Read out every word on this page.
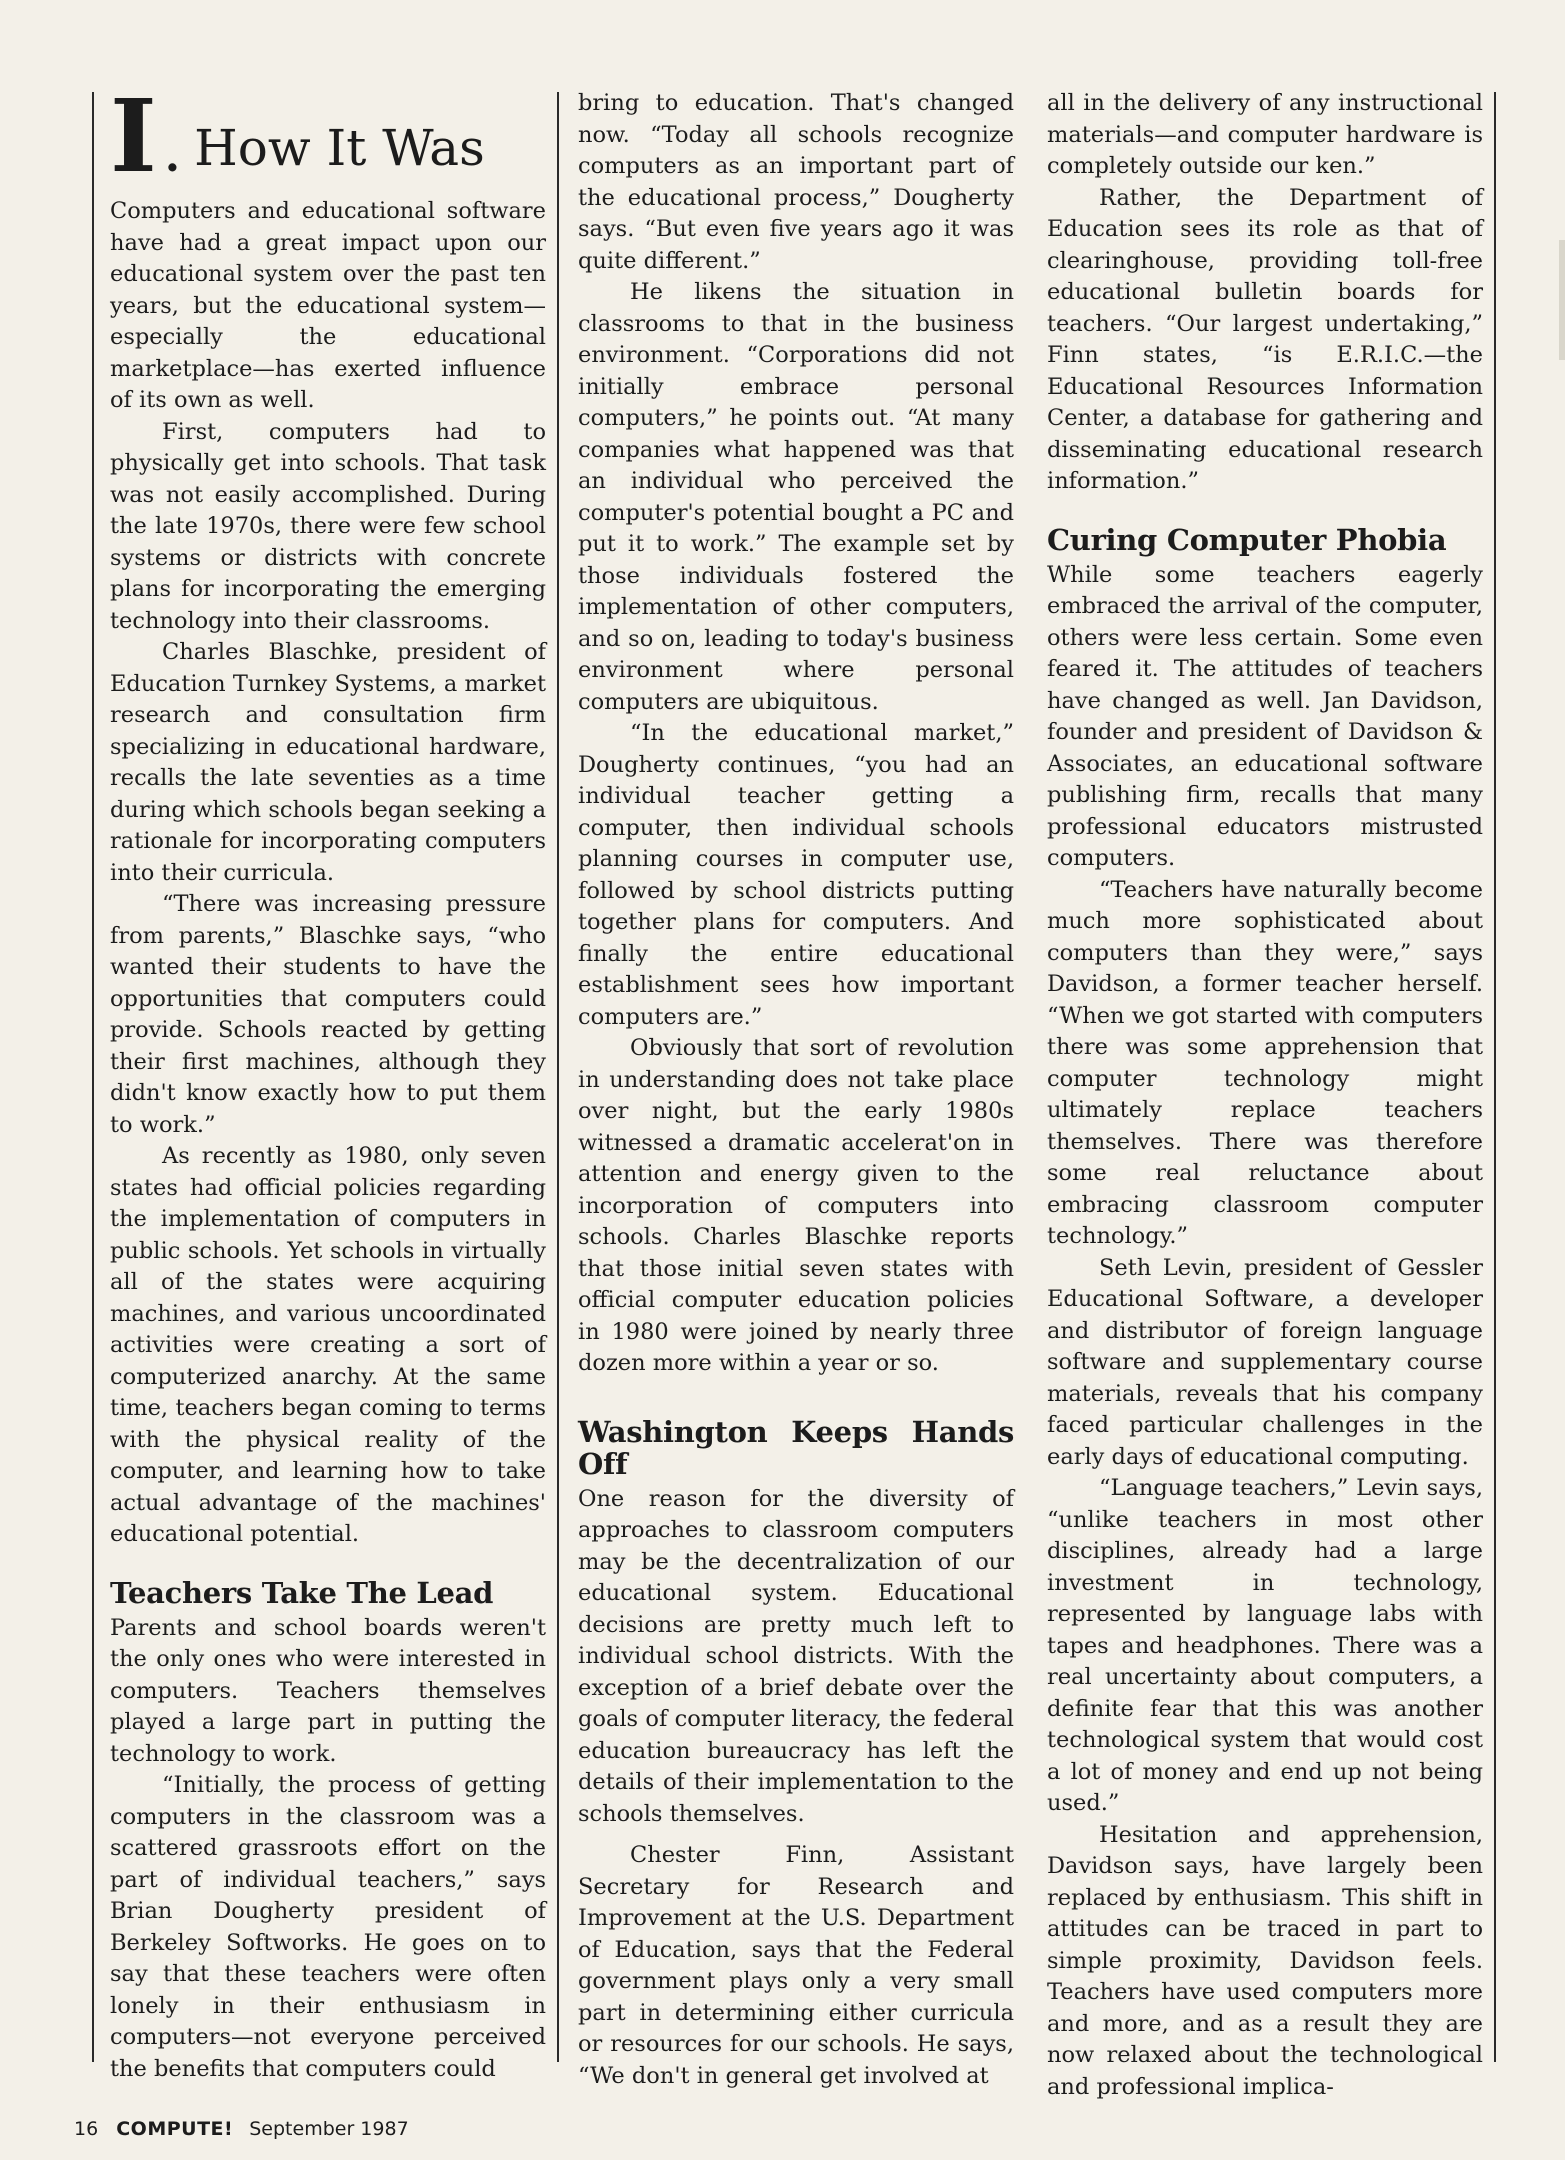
I . How It Was

Computers and educational software have had a great impact upon our educational system over the past ten years, but the educational system—especially the educational marketplace—has exerted influence of its own as well.

First, computers had to physically get into schools. That task was not easily accomplished. During the late 1970s, there were few school systems or districts with concrete plans for incorporating the emerging technology into their classrooms.

Charles Blaschke, president of Education Turnkey Systems, a market research and consultation firm specializing in educational hardware, recalls the late seventies as a time during which schools began seeking a rationale for incorporating computers into their curricula.

“There was increasing pressure from parents,” Blaschke says, “who wanted their students to have the opportunities that computers could provide. Schools reacted by getting their first machines, although they didn't know exactly how to put them to work.”

As recently as 1980, only seven states had official policies regarding the implementation of computers in public schools. Yet schools in virtually all of the states were acquiring machines, and various uncoordinated activities were creating a sort of computerized anarchy. At the same time, teachers began coming to terms with the physical reality of the computer, and learning how to take actual advantage of the machines' educational potential.

Teachers Take The Lead

Parents and school boards weren't the only ones who were interested in computers. Teachers themselves played a large part in putting the technology to work.

“Initially, the process of getting computers in the classroom was a scattered grassroots effort on the part of individual teachers,” says Brian Dougherty president of Berkeley Softworks. He goes on to say that these teachers were often lonely in their enthusiasm in computers—not everyone perceived the benefits that computers could

bring to education. That's changed now. “Today all schools recognize computers as an important part of the educational process,” Dougherty says. “But even five years ago it was quite different.”

He likens the situation in classrooms to that in the business environment. “Corporations did not initially embrace personal computers,” he points out. “At many companies what happened was that an individual who perceived the computer's potential bought a PC and put it to work.” The example set by those individuals fostered the implementation of other computers, and so on, leading to today's business environment where personal computers are ubiquitous.

“In the educational market,” Dougherty continues, “you had an individual teacher getting a computer, then individual schools planning courses in computer use, followed by school districts putting together plans for computers. And finally the entire educational establishment sees how important computers are.”

Obviously that sort of revolution in understanding does not take place over night, but the early 1980s witnessed a dramatic accelerat'on in attention and energy given to the incorporation of computers into schools. Charles Blaschke reports that those initial seven states with official computer education policies in 1980 were joined by nearly three dozen more within a year or so.

Washington Keeps Hands Off

One reason for the diversity of approaches to classroom computers may be the decentralization of our educational system. Educational decisions are pretty much left to individual school districts. With the exception of a brief debate over the goals of computer literacy, the federal education bureaucracy has left the details of their implementation to the schools themselves.

Chester Finn, Assistant Secretary for Research and Improvement at the U.S. Department of Education, says that the Federal government plays only a very small part in determining either curricula or resources for our schools. He says, “We don't in general get involved at

all in the delivery of any instructional materials—and computer hardware is completely outside our ken.”

Rather, the Department of Education sees its role as that of clearinghouse, providing toll-free educational bulletin boards for teachers. “Our largest undertaking,” Finn states, “is E.R.I.C.—the Educational Resources Information Center, a database for gathering and disseminating educational research information.”

Curing Computer Phobia

While some teachers eagerly embraced the arrival of the computer, others were less certain. Some even feared it. The attitudes of teachers have changed as well. Jan Davidson, founder and president of Davidson & Associates, an educational software publishing firm, recalls that many professional educators mistrusted computers.

“Teachers have naturally become much more sophisticated about computers than they were,” says Davidson, a former teacher herself. “When we got started with computers there was some apprehension that computer technology might ultimately replace teachers themselves. There was therefore some real reluctance about embracing classroom computer technology.”

Seth Levin, president of Gessler Educational Software, a developer and distributor of foreign language software and supplementary course materials, reveals that his company faced particular challenges in the early days of educational computing.

“Language teachers,” Levin says, “unlike teachers in most other disciplines, already had a large investment in technology, represented by language labs with tapes and headphones. There was a real uncertainty about computers, a definite fear that this was another technological system that would cost a lot of money and end up not being used.”

Hesitation and apprehension, Davidson says, have largely been replaced by enthusiasm. This shift in attitudes can be traced in part to simple proximity, Davidson feels. Teachers have used computers more and more, and as a result they are now relaxed about the technological and professional implica-

16 COMPUTE! September 1987
